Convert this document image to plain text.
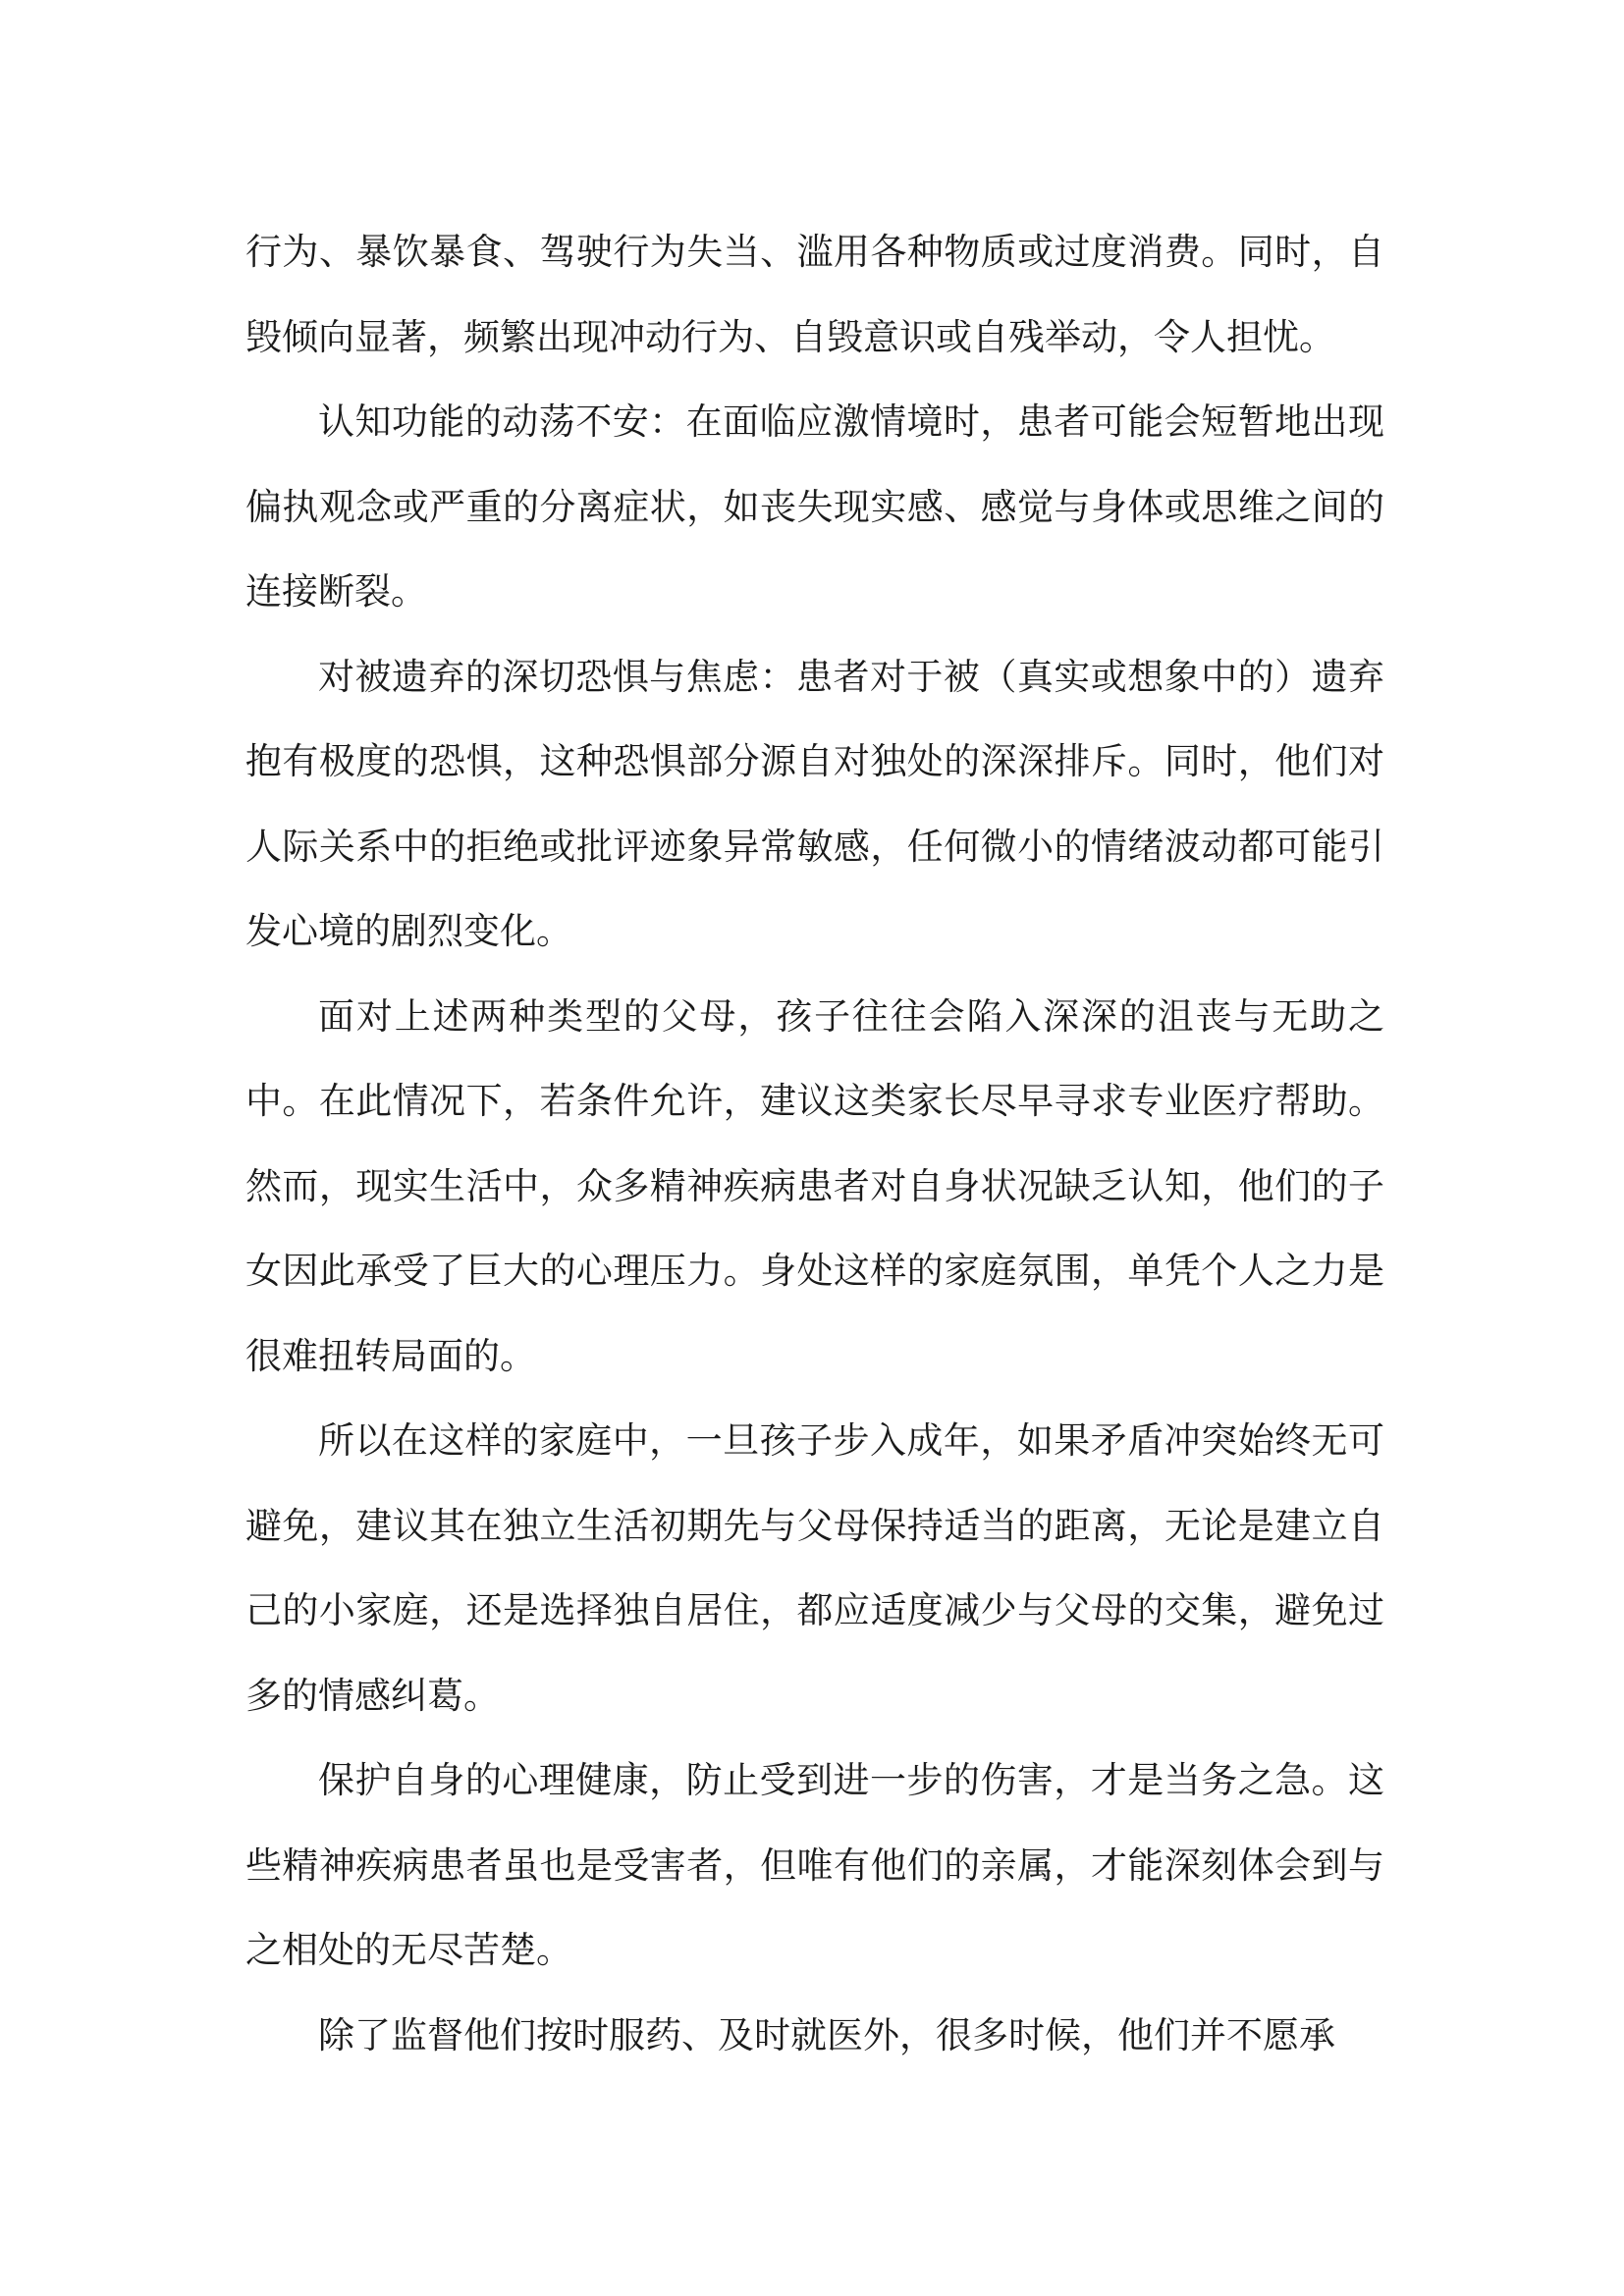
行为、暴饮暴食、驾驶行为失当、滥用各种物质或过度消费。同时，自毁倾向显著，频繁出现冲动行为、自毁意识或自残举动，令人担忧。

认知功能的动荡不安：在面临应激情境时，患者可能会短暂地出现偏执观念或严重的分离症状，如丧失现实感、感觉与身体或思维之间的连接断裂。

对被遗弃的深切恐惧与焦虑：患者对于被（真实或想象中的）遗弃抱有极度的恐惧，这种恐惧部分源自对独处的深深排斥。同时，他们对人际关系中的拒绝或批评迹象异常敏感，任何微小的情绪波动都可能引发心境的剧烈变化。

面对上述两种类型的父母，孩子往往会陷入深深的沮丧与无助之中。在此情况下，若条件允许，建议这类家长尽早寻求专业医疗帮助。然而，现实生活中，众多精神疾病患者对自身状况缺乏认知，他们的子女因此承受了巨大的心理压力。身处这样的家庭氛围，单凭个人之力是很难扭转局面的。

所以在这样的家庭中，一旦孩子步入成年，如果矛盾冲突始终无可避免，建议其在独立生活初期先与父母保持适当的距离，无论是建立自己的小家庭，还是选择独自居住，都应适度减少与父母的交集，避免过多的情感纠葛。

保护自身的心理健康，防止受到进一步的伤害，才是当务之急。这些精神疾病患者虽也是受害者，但唯有他们的亲属，才能深刻体会到与之相处的无尽苦楚。

除了监督他们按时服药、及时就医外，很多时候，他们并不愿承
